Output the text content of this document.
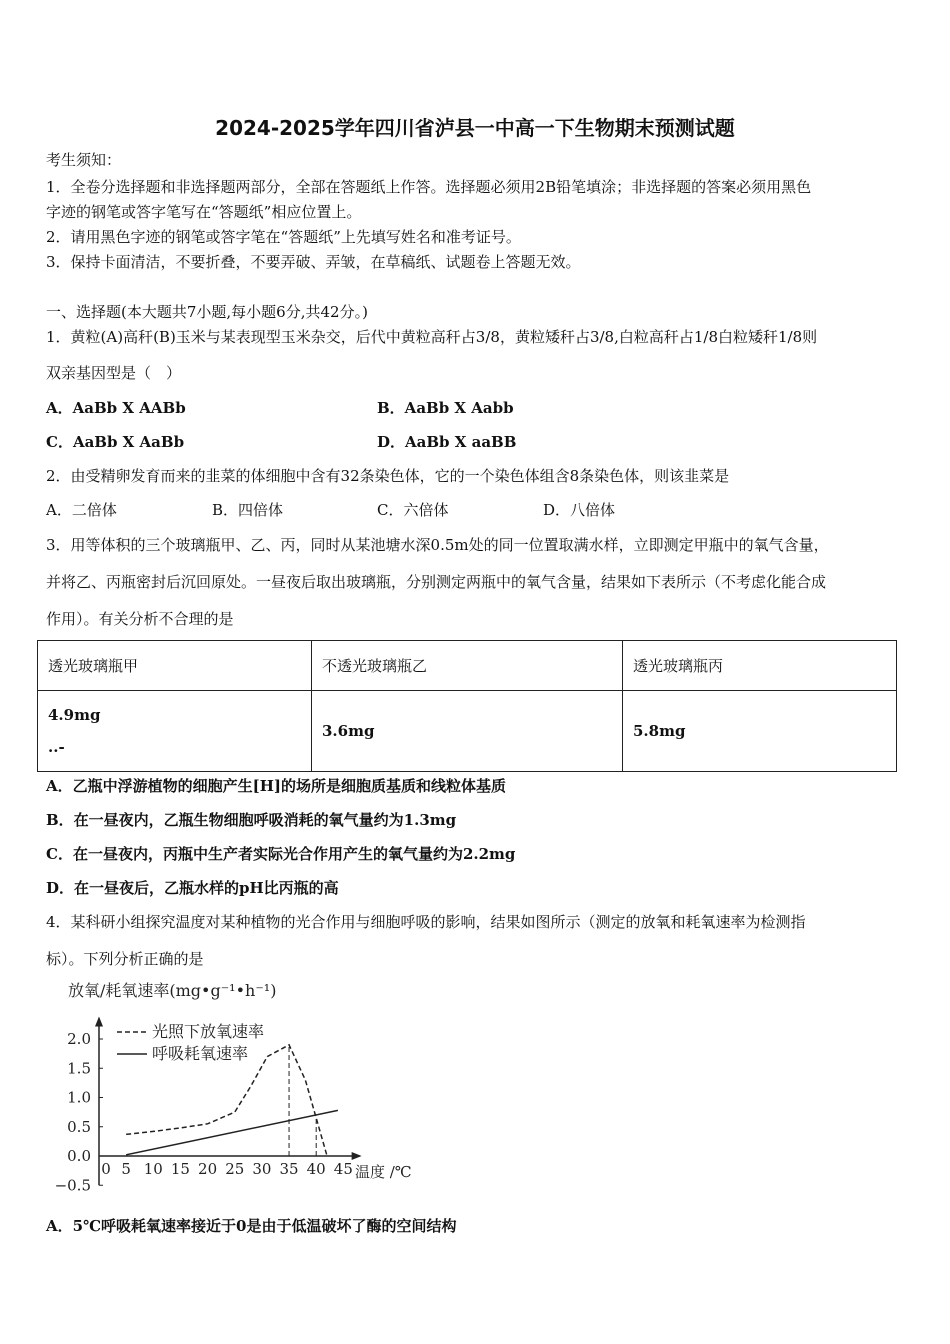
2024-2025学年四川省泸县一中高一下生物期末预测试题
考生须知：
1．全卷分选择题和非选择题两部分，全部在答题纸上作答。选择题必须用2B铅笔填涂；非选择题的答案必须用黑色
字迹的钢笔或答字笔写在“答题纸”相应位置上。
2．请用黑色字迹的钢笔或答字笔在“答题纸”上先填写姓名和准考证号。
3．保持卡面清洁，不要折叠，不要弄破、弄皱，在草稿纸、试题卷上答题无效。
一、选择题(本大题共7小题,每小题6分,共42分。)
1．黄粒(A)高秆(B)玉米与某表现型玉米杂交，后代中黄粒高秆占3/8，黄粒矮秆占3/8,白粒高秆占1/8白粒矮秆1/8则
双亲基因型是（　）
A．AaBb X AABb	B．AaBb X Aabb
C．AaBb X AaBb	D．AaBb X aaBB
2．由受精卵发育而来的韭菜的体细胞中含有32条染色体，它的一个染色体组含8条染色体，则该韭菜是
A．二倍体	B．四倍体	C．六倍体	D．八倍体
3．用等体积的三个玻璃瓶甲、乙、丙，同时从某池塘水深0.5m处的同一位置取满水样，立即测定甲瓶中的氧气含量，
并将乙、丙瓶密封后沉回原处。一昼夜后取出玻璃瓶，分别测定两瓶中的氧气含量，结果如下表所示（不考虑化能合成
作用）。有关分析不合理的是
透光玻璃瓶甲	不透光玻璃瓶乙	透光玻璃瓶丙

4.9mg
..-	3.6mg	5.8mg
A．乙瓶中浮游植物的细胞产生[H]的场所是细胞质基质和线粒体基质
B．在一昼夜内，乙瓶生物细胞呼吸消耗的氧气量约为1.3mg
C．在一昼夜内，丙瓶中生产者实际光合作用产生的氧气量约为2.2mg
D．在一昼夜后，乙瓶水样的pH比丙瓶的高
4．某科研小组探究温度对某种植物的光合作用与细胞呼吸的影响，结果如图所示（测定的放氧和耗氧速率为检测指
标）。下列分析正确的是
放氧/耗氧速率(mg•g⁻¹•h⁻¹)
温度 /℃
光照下放氧速率
呼吸耗氧速率
2.0
1.5
1.0
0.5
0.0
−0.5
0 5 10 15 20 25 30 35 40 45
A．5℃呼吸耗氧速率接近于0是由于低温破坏了酶的空间结构
